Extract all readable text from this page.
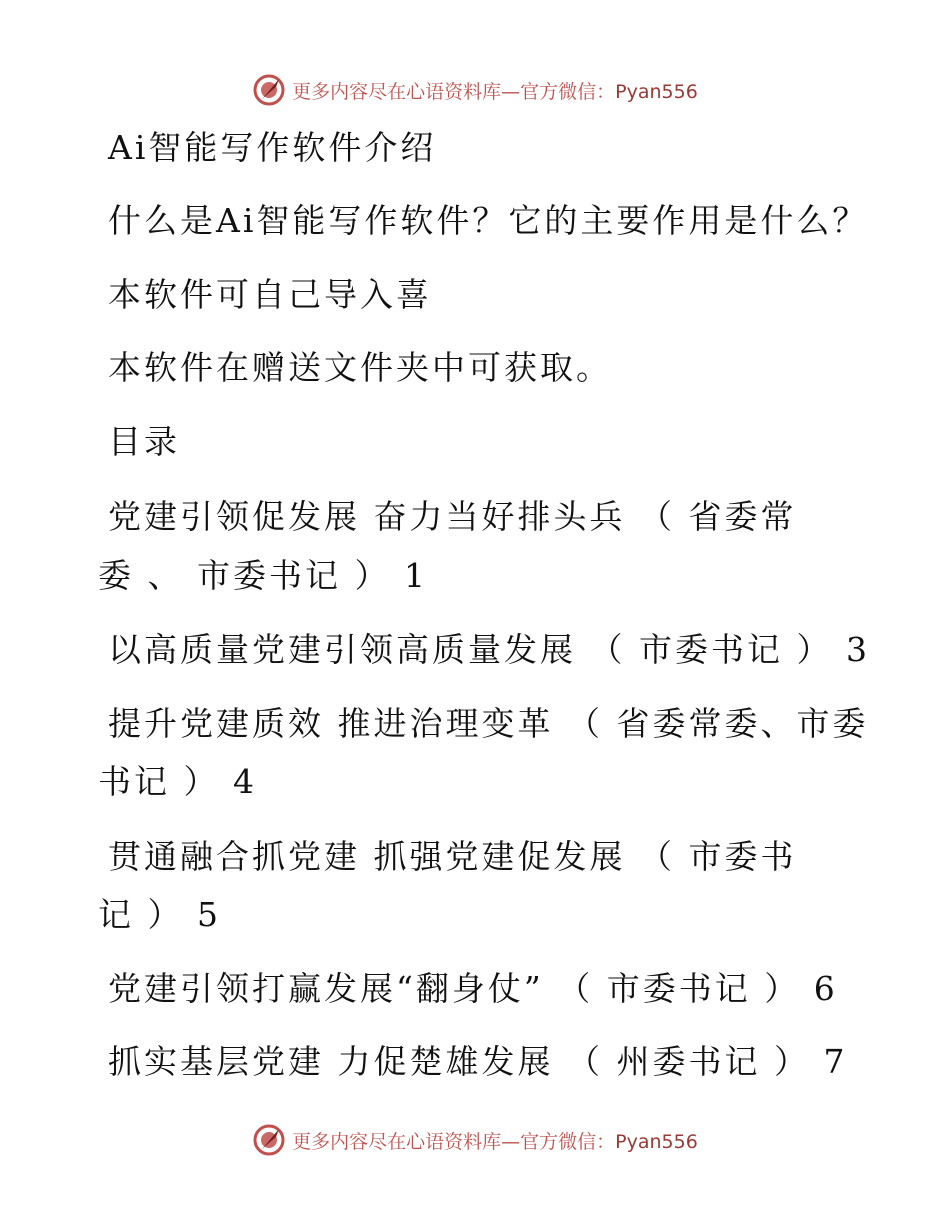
更多内容尽在心语资料库—官方微信：Pyan556
Ai智能写作软件介绍
什么是Ai智能写作软件？它的主要作用是什么？
本软件可自己导入喜
本软件在赠送文件夹中可获取。
目录
党建引领促发展 奋力当好排头兵 （ 省委常
委 、 市委书记 ） 1
以高质量党建引领高质量发展 （ 市委书记 ） 3
提升党建质效 推进治理变革 （ 省委常委、市委
书记 ） 4
贯通融合抓党建 抓强党建促发展 （ 市委书
记 ） 5
党建引领打赢发展“翻身仗” （ 市委书记 ） 6
抓实基层党建 力促楚雄发展 （ 州委书记 ） 7
更多内容尽在心语资料库—官方微信：Pyan556
